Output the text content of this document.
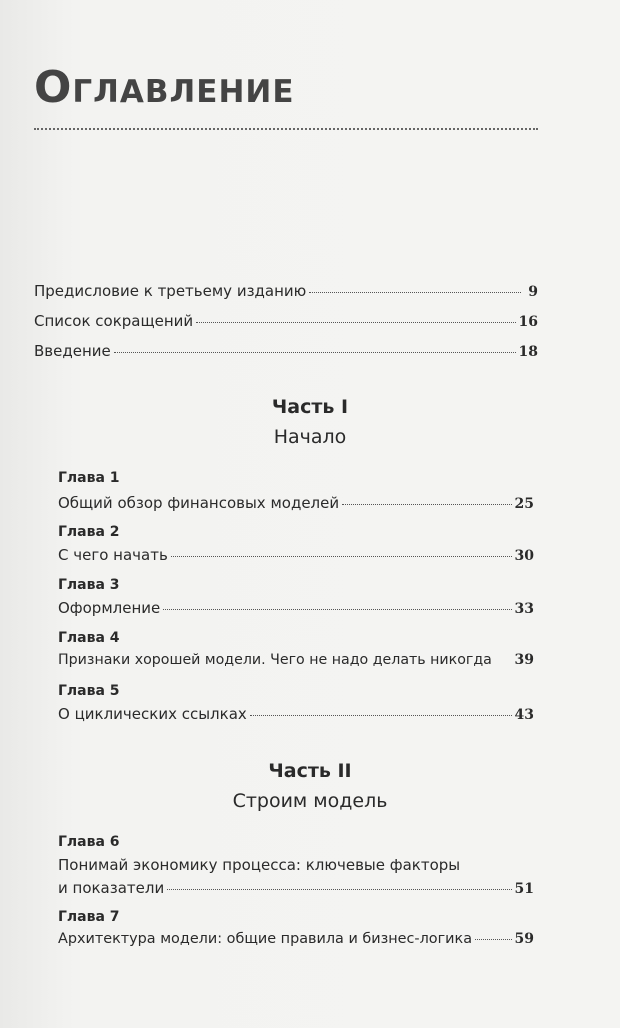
Оглавление
Предисловие к третьему изданию	9
Список сокращений	16
Введение	18
Часть I
Начало
Глава 1
Общий обзор финансовых моделей	25
Глава 2
С чего начать	30
Глава 3
Оформление	33
Глава 4
Признаки хорошей модели. Чего не надо делать никогда 39
Глава 5
О циклических ссылках	43
Часть II
Строим модель
Глава 6
Понимай экономику процесса: ключевые факторы
и показатели	51
Глава 7
Архитектура модели: общие правила и бизнес-логика	59
